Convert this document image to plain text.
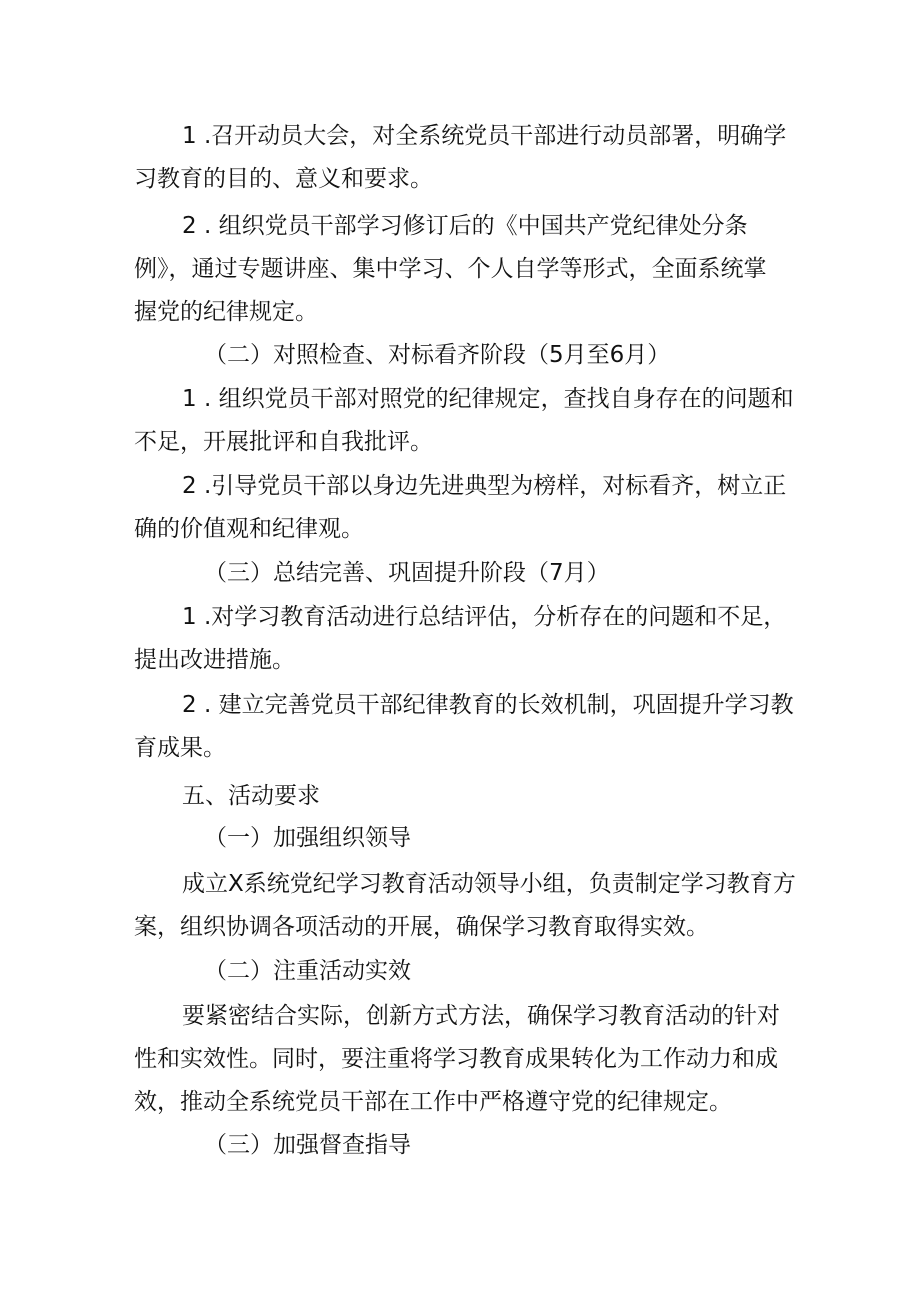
1 .召开动员大会，对全系统党员干部进行动员部署，明确学
习教育的目的、意义和要求。
2 . 组织党员干部学习修订后的《中国共产党纪律处分条
例》，通过专题讲座、集中学习、个人自学等形式，全面系统掌
握党的纪律规定。
（二）对照检查、对标看齐阶段（5月至6月）
1 . 组织党员干部对照党的纪律规定，查找自身存在的问题和
不足，开展批评和自我批评。
2 .引导党员干部以身边先进典型为榜样，对标看齐，树立正
确的价值观和纪律观。
（三）总结完善、巩固提升阶段（7月）
1 .对学习教育活动进行总结评估，分析存在的问题和不足，
提出改进措施。
2 . 建立完善党员干部纪律教育的长效机制，巩固提升学习教
育成果。
五、活动要求
（一）加强组织领导
成立X系统党纪学习教育活动领导小组，负责制定学习教育方
案，组织协调各项活动的开展，确保学习教育取得实效。
（二）注重活动实效
要紧密结合实际，创新方式方法，确保学习教育活动的针对
性和实效性。同时，要注重将学习教育成果转化为工作动力和成
效，推动全系统党员干部在工作中严格遵守党的纪律规定。
（三）加强督查指导
